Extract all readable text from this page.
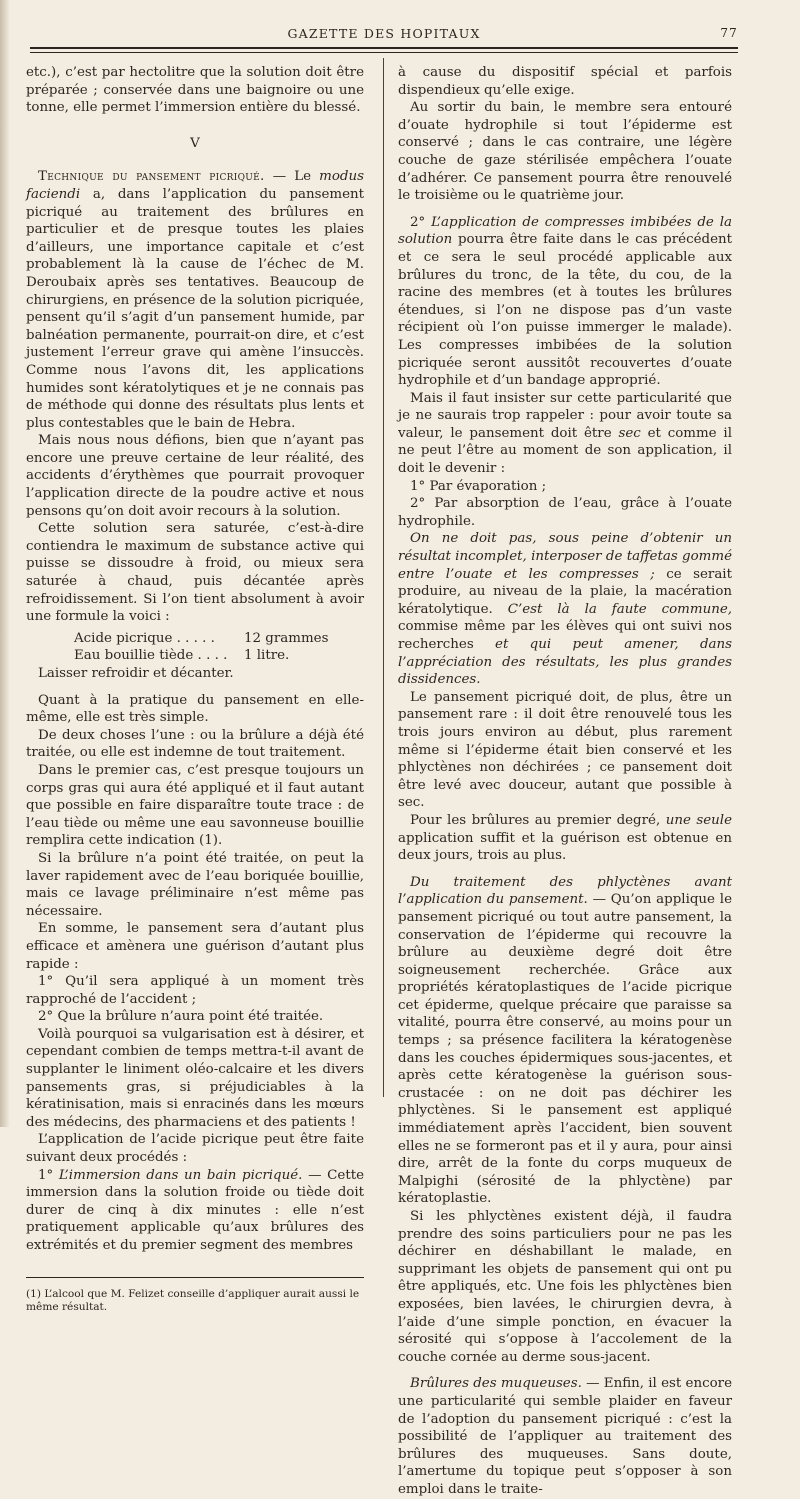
GAZETTE DES HOPITAUX	77

etc.), c’est par hectolitre que la solution doit être préparée ; conservée dans une baignoire ou une tonne, elle permet l’immersion entière du blessé.

V

Technique du pansement picriqué. — Le modus faciendi a, dans l’application du pansement picriqué au traitement des brûlures en particulier et de presque toutes les plaies d’ailleurs, une importance capitale et c’est probablement là la cause de l’échec de M. Deroubaix après ses tentatives. Beaucoup de chirurgiens, en présence de la solution picriquée, pensent qu’il s’agit d’un pansement humide, par balnéation permanente, pourrait-on dire, et c’est justement l’erreur grave qui amène l’insuccès. Comme nous l’avons dit, les applications humides sont kératolytiques et je ne connais pas de méthode qui donne des résultats plus lents et plus contestables que le bain de Hebra.

Mais nous nous défions, bien que n’ayant pas encore une preuve certaine de leur réalité, des accidents d’érythèmes que pourrait provoquer l’application directe de la poudre active et nous pensons qu’on doit avoir recours à la solution.

Cette solution sera saturée, c’est-à-dire contiendra le maximum de substance active qui puisse se dissoudre à froid, ou mieux sera saturée à chaud, puis décantée après refroidissement. Si l’on tient absolument à avoir une formule la voici :

Acide picrique . . . . .	12 grammes
Eau bouillie tiède . . . .	1 litre.

Laisser refroidir et décanter.

Quant à la pratique du pansement en elle-même, elle est très simple.

De deux choses l’une : ou la brûlure a déjà été traitée, ou elle est indemne de tout traitement.

Dans le premier cas, c’est presque toujours un corps gras qui aura été appliqué et il faut autant que possible en faire disparaître toute trace : de l’eau tiède ou même une eau savonneuse bouillie remplira cette indication (1).

Si la brûlure n’a point été traitée, on peut la laver rapidement avec de l’eau boriquée bouillie, mais ce lavage préliminaire n’est même pas nécessaire.

En somme, le pansement sera d’autant plus efficace et amènera une guérison d’autant plus rapide :

1° Qu’il sera appliqué à un moment très rapproché de l’accident ;

2° Que la brûlure n’aura point été traitée.

Voilà pourquoi sa vulgarisation est à désirer, et cependant combien de temps mettra-t-il avant de supplanter le liniment oléo-calcaire et les divers pansements gras, si préjudiciables à la kératinisation, mais si enracinés dans les mœurs des médecins, des pharmaciens et des patients !

L’application de l’acide picrique peut être faite suivant deux procédés :

1° L’immersion dans un bain picriqué. — Cette immersion dans la solution froide ou tiède doit durer de cinq à dix minutes : elle n’est pratiquement applicable qu’aux brûlures des extrémités et du premier segment des membres

(1) L’alcool que M. Felizet conseille d’appliquer aurait aussi le même résultat.

à cause du dispositif spécial et parfois dispendieux qu’elle exige.

Au sortir du bain, le membre sera entouré d’ouate hydrophile si tout l’épiderme est conservé ; dans le cas contraire, une légère couche de gaze stérilisée empêchera l’ouate d’adhérer. Ce pansement pourra être renouvelé le troisième ou le quatrième jour.

2° L’application de compresses imbibées de la solution pourra être faite dans le cas précédent et ce sera le seul procédé applicable aux brûlures du tronc, de la tête, du cou, de la racine des membres (et à toutes les brûlures étendues, si l’on ne dispose pas d’un vaste récipient où l’on puisse immerger le malade). Les compresses imbibées de la solution picriquée seront aussitôt recouvertes d’ouate hydrophile et d’un bandage approprié.

Mais il faut insister sur cette particularité que je ne saurais trop rappeler : pour avoir toute sa valeur, le pansement doit être sec et comme il ne peut l’être au moment de son application, il doit le devenir :

1° Par évaporation ;

2° Par absorption de l’eau, grâce à l’ouate hydrophile.

On ne doit pas, sous peine d’obtenir un résultat incomplet, interposer de taffetas gommé entre l’ouate et les compresses ; ce serait produire, au niveau de la plaie, la macération kératolytique. C’est là la faute commune, commise même par les élèves qui ont suivi nos recherches et qui peut amener, dans l’appréciation des résultats, les plus grandes dissidences.

Le pansement picriqué doit, de plus, être un pansement rare : il doit être renouvelé tous les trois jours environ au début, plus rarement même si l’épiderme était bien conservé et les phlyctènes non déchirées ; ce pansement doit être levé avec douceur, autant que possible à sec.

Pour les brûlures au premier degré, une seule application suffit et la guérison est obtenue en deux jours, trois au plus.

Du traitement des phlyctènes avant l’application du pansement. — Qu’on applique le pansement picriqué ou tout autre pansement, la conservation de l’épiderme qui recouvre la brûlure au deuxième degré doit être soigneusement recherchée. Grâce aux propriétés kératoplastiques de l’acide picrique cet épiderme, quelque précaire que paraisse sa vitalité, pourra être conservé, au moins pour un temps ; sa présence facilitera la kératogenèse dans les couches épidermiques sous-jacentes, et après cette kératogenèse la guérison sous-crustacée : on ne doit pas déchirer les phlyctènes. Si le pansement est appliqué immédiatement après l’accident, bien souvent elles ne se formeront pas et il y aura, pour ainsi dire, arrêt de la fonte du corps muqueux de Malpighi (sérosité de la phlyctène) par kératoplastie.

Si les phlyctènes existent déjà, il faudra prendre des soins particuliers pour ne pas les déchirer en déshabillant le malade, en supprimant les objets de pansement qui ont pu être appliqués, etc. Une fois les phlyctènes bien exposées, bien lavées, le chirurgien devra, à l’aide d’une simple ponction, en évacuer la sérosité qui s’oppose à l’accolement de la couche cornée au derme sous-jacent.

Brûlures des muqueuses. — Enfin, il est encore une particularité qui semble plaider en faveur de l’adoption du pansement picriqué : c’est la possibilité de l’appliquer au traitement des brûlures des muqueuses. Sans doute, l’amertume du topique peut s’opposer à son emploi dans le traite-
